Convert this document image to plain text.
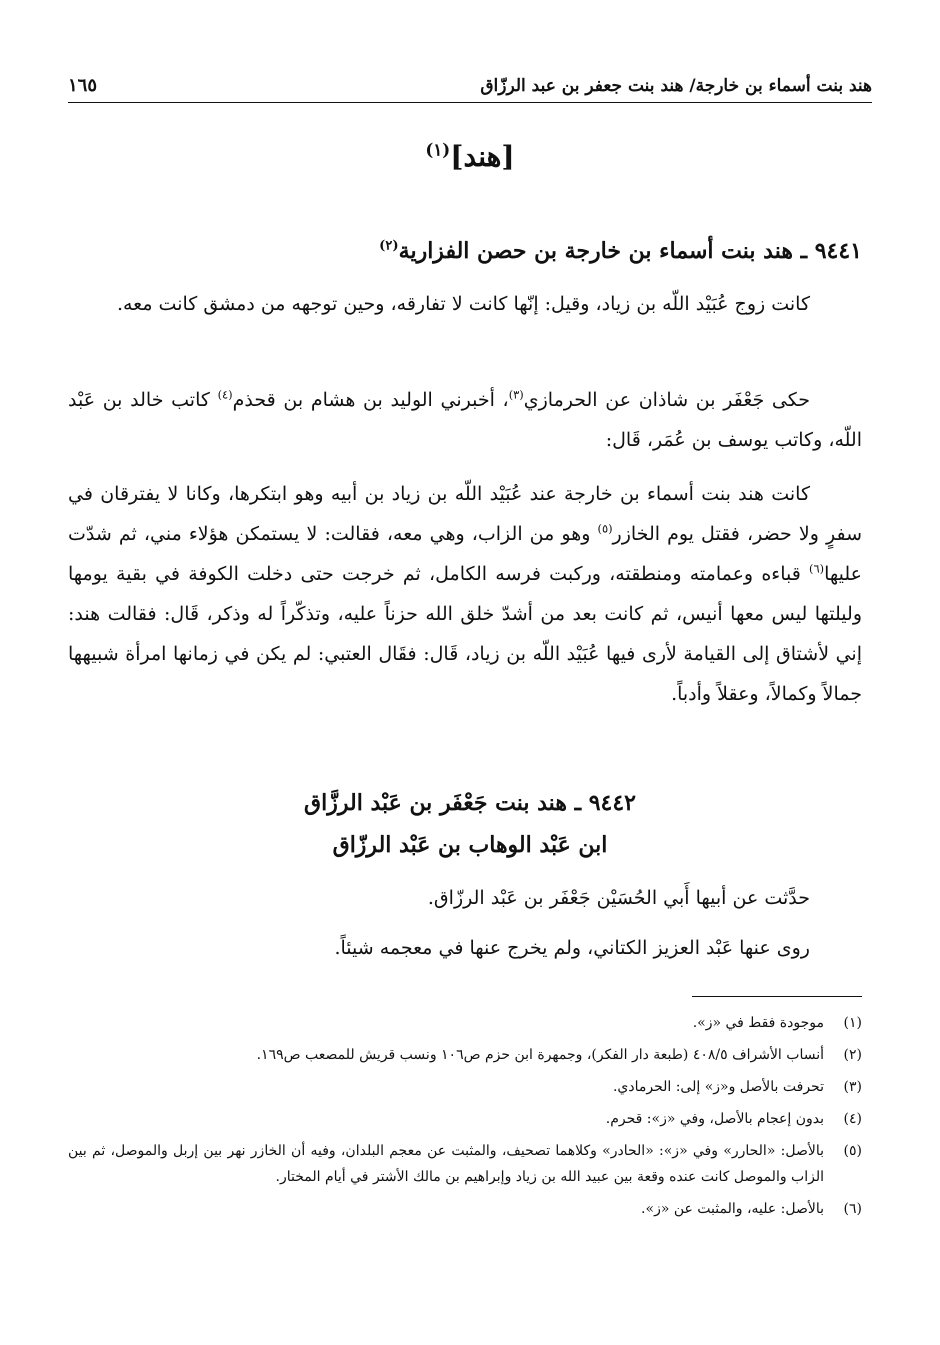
هند بنت أسماء بن خارجة/ هند بنت جعفر بن عبد الرزّاق
١٦٥
[هند]$^{(١)}$
٩٤٤١ ـ هند بنت أسماء بن خارجة بن حصن الفزارية$^{(٢)}$
كانت زوج عُبَيْد اللّه بن زياد، وقيل: إنّها كانت لا تفارقه، وحين توجهه من دمشق كانت معه.
حكى جَعْفَر بن شاذان عن الحرمازي$^{(٣)}$، أخبرني الوليد بن هشام بن قحذم$^{(٤)}$ كاتب خالد بن عَبْد اللّه، وكاتب يوسف بن عُمَر، قَال:
كانت هند بنت أسماء بن خارجة عند عُبَيْد اللّه بن زياد بن أبيه وهو ابتكرها، وكانا لا يفترقان في سفرٍ ولا حضر، فقتل يوم الخازر$^{(٥)}$ وهو من الزاب، وهي معه، فقالت: لا يستمكن هؤلاء مني، ثم شدّت عليها$^{(٦)}$ قباءه وعمامته ومنطقته، وركبت فرسه الكامل، ثم خرجت حتى دخلت الكوفة في بقية يومها وليلتها ليس معها أنيس، ثم كانت بعد من أشدّ خلق الله حزناً عليه، وتذكّراً له وذكر، قَال: فقالت هند: إني لأشتاق إلى القيامة لأرى فيها عُبَيْد اللّه بن زياد، قَال: فقَال العتبي: لم يكن في زمانها امرأة شبيهها جمالاً وكمالاً، وعقلاً وأدباً.
٩٤٤٢ ـ هند بنت جَعْفَر بن عَبْد الرزَّاق
ابن عَبْد الوهاب بن عَبْد الرزّاق
حدَّثت عن أبيها أَبي الحُسَيْن جَعْفَر بن عَبْد الرزّاق.
روى عنها عَبْد العزيز الكتاني، ولم يخرج عنها في معجمه شيئاً.
(١)
موجودة فقط في «ز».
(٢)
أنساب الأشراف ٤٠٨/٥ (طبعة دار الفكر)، وجمهرة ابن حزم ص١٠٦ ونسب قريش للمصعب ص١٦٩.
(٣)
تحرفت بالأصل و«ز» إلى: الحرمادي.
(٤)
بدون إعجام بالأصل، وفي «ز»: قحرم.
(٥)
بالأصل: «الحارر» وفي «ز»: «الحادر» وكلاهما تصحيف، والمثبت عن معجم البلدان، وفيه أن الخازر نهر بين إربل والموصل، ثم بين الزاب والموصل كانت عنده وقعة بين عبيد الله بن زياد وإبراهيم بن مالك الأشتر في أيام المختار.
(٦)
بالأصل: عليه، والمثبت عن «ز».
